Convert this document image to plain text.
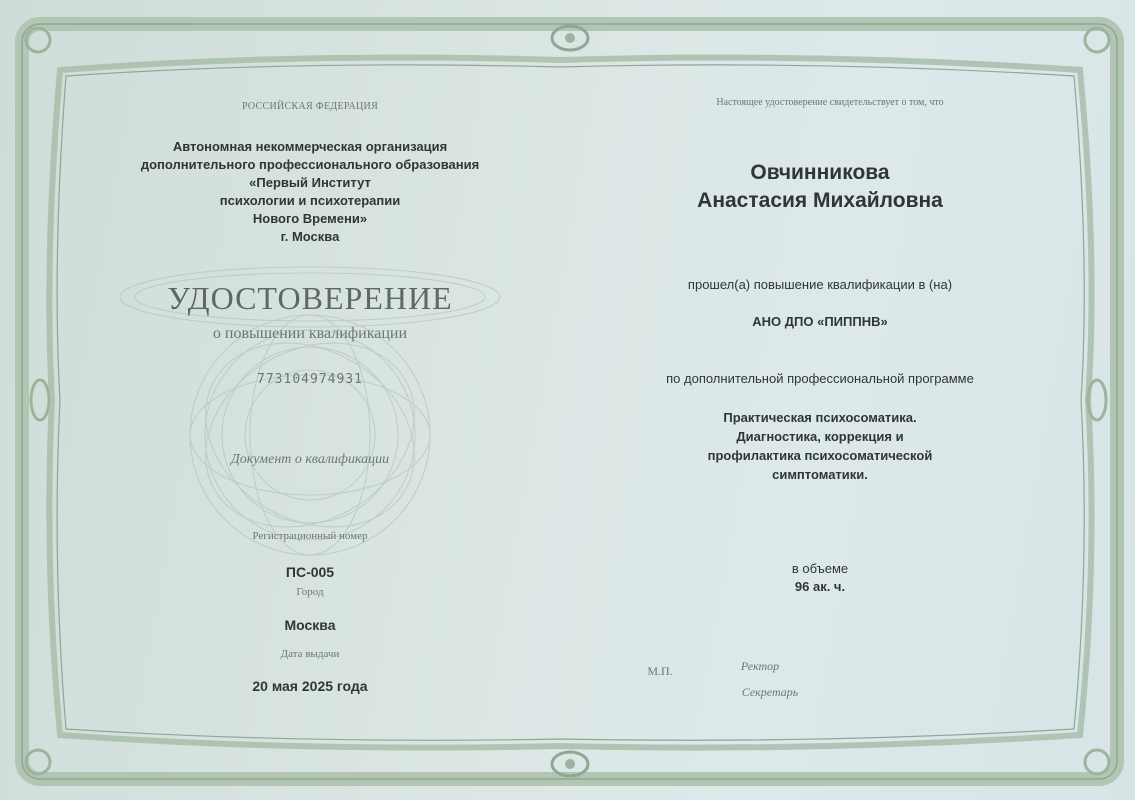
РОССИЙСКАЯ ФЕДЕРАЦИЯ
Автономная некоммерческая организация
дополнительного профессионального образования
«Первый Институт
психологии и психотерапии
Нового Времени»
г. Москва
УДОСТОВЕРЕНИЕ
о повышении квалификации
773104974931
Документ о квалификации
Регистрационный номер
ПС-005
Город
Москва
Дата выдачи
20 мая 2025 года
Настоящее удостоверение свидетельствует о том, что
Овчинникова
Анастасия Михайловна
прошел(а) повышение квалификации в (на)
АНО ДПО «ПИППНВ»
по дополнительной профессиональной программе
Практическая психосоматика.
Диагностика, коррекция и
профилактика психосоматической
симптоматики.
в объеме
96 ак. ч.
М.П.	Ректор
Секретарь
